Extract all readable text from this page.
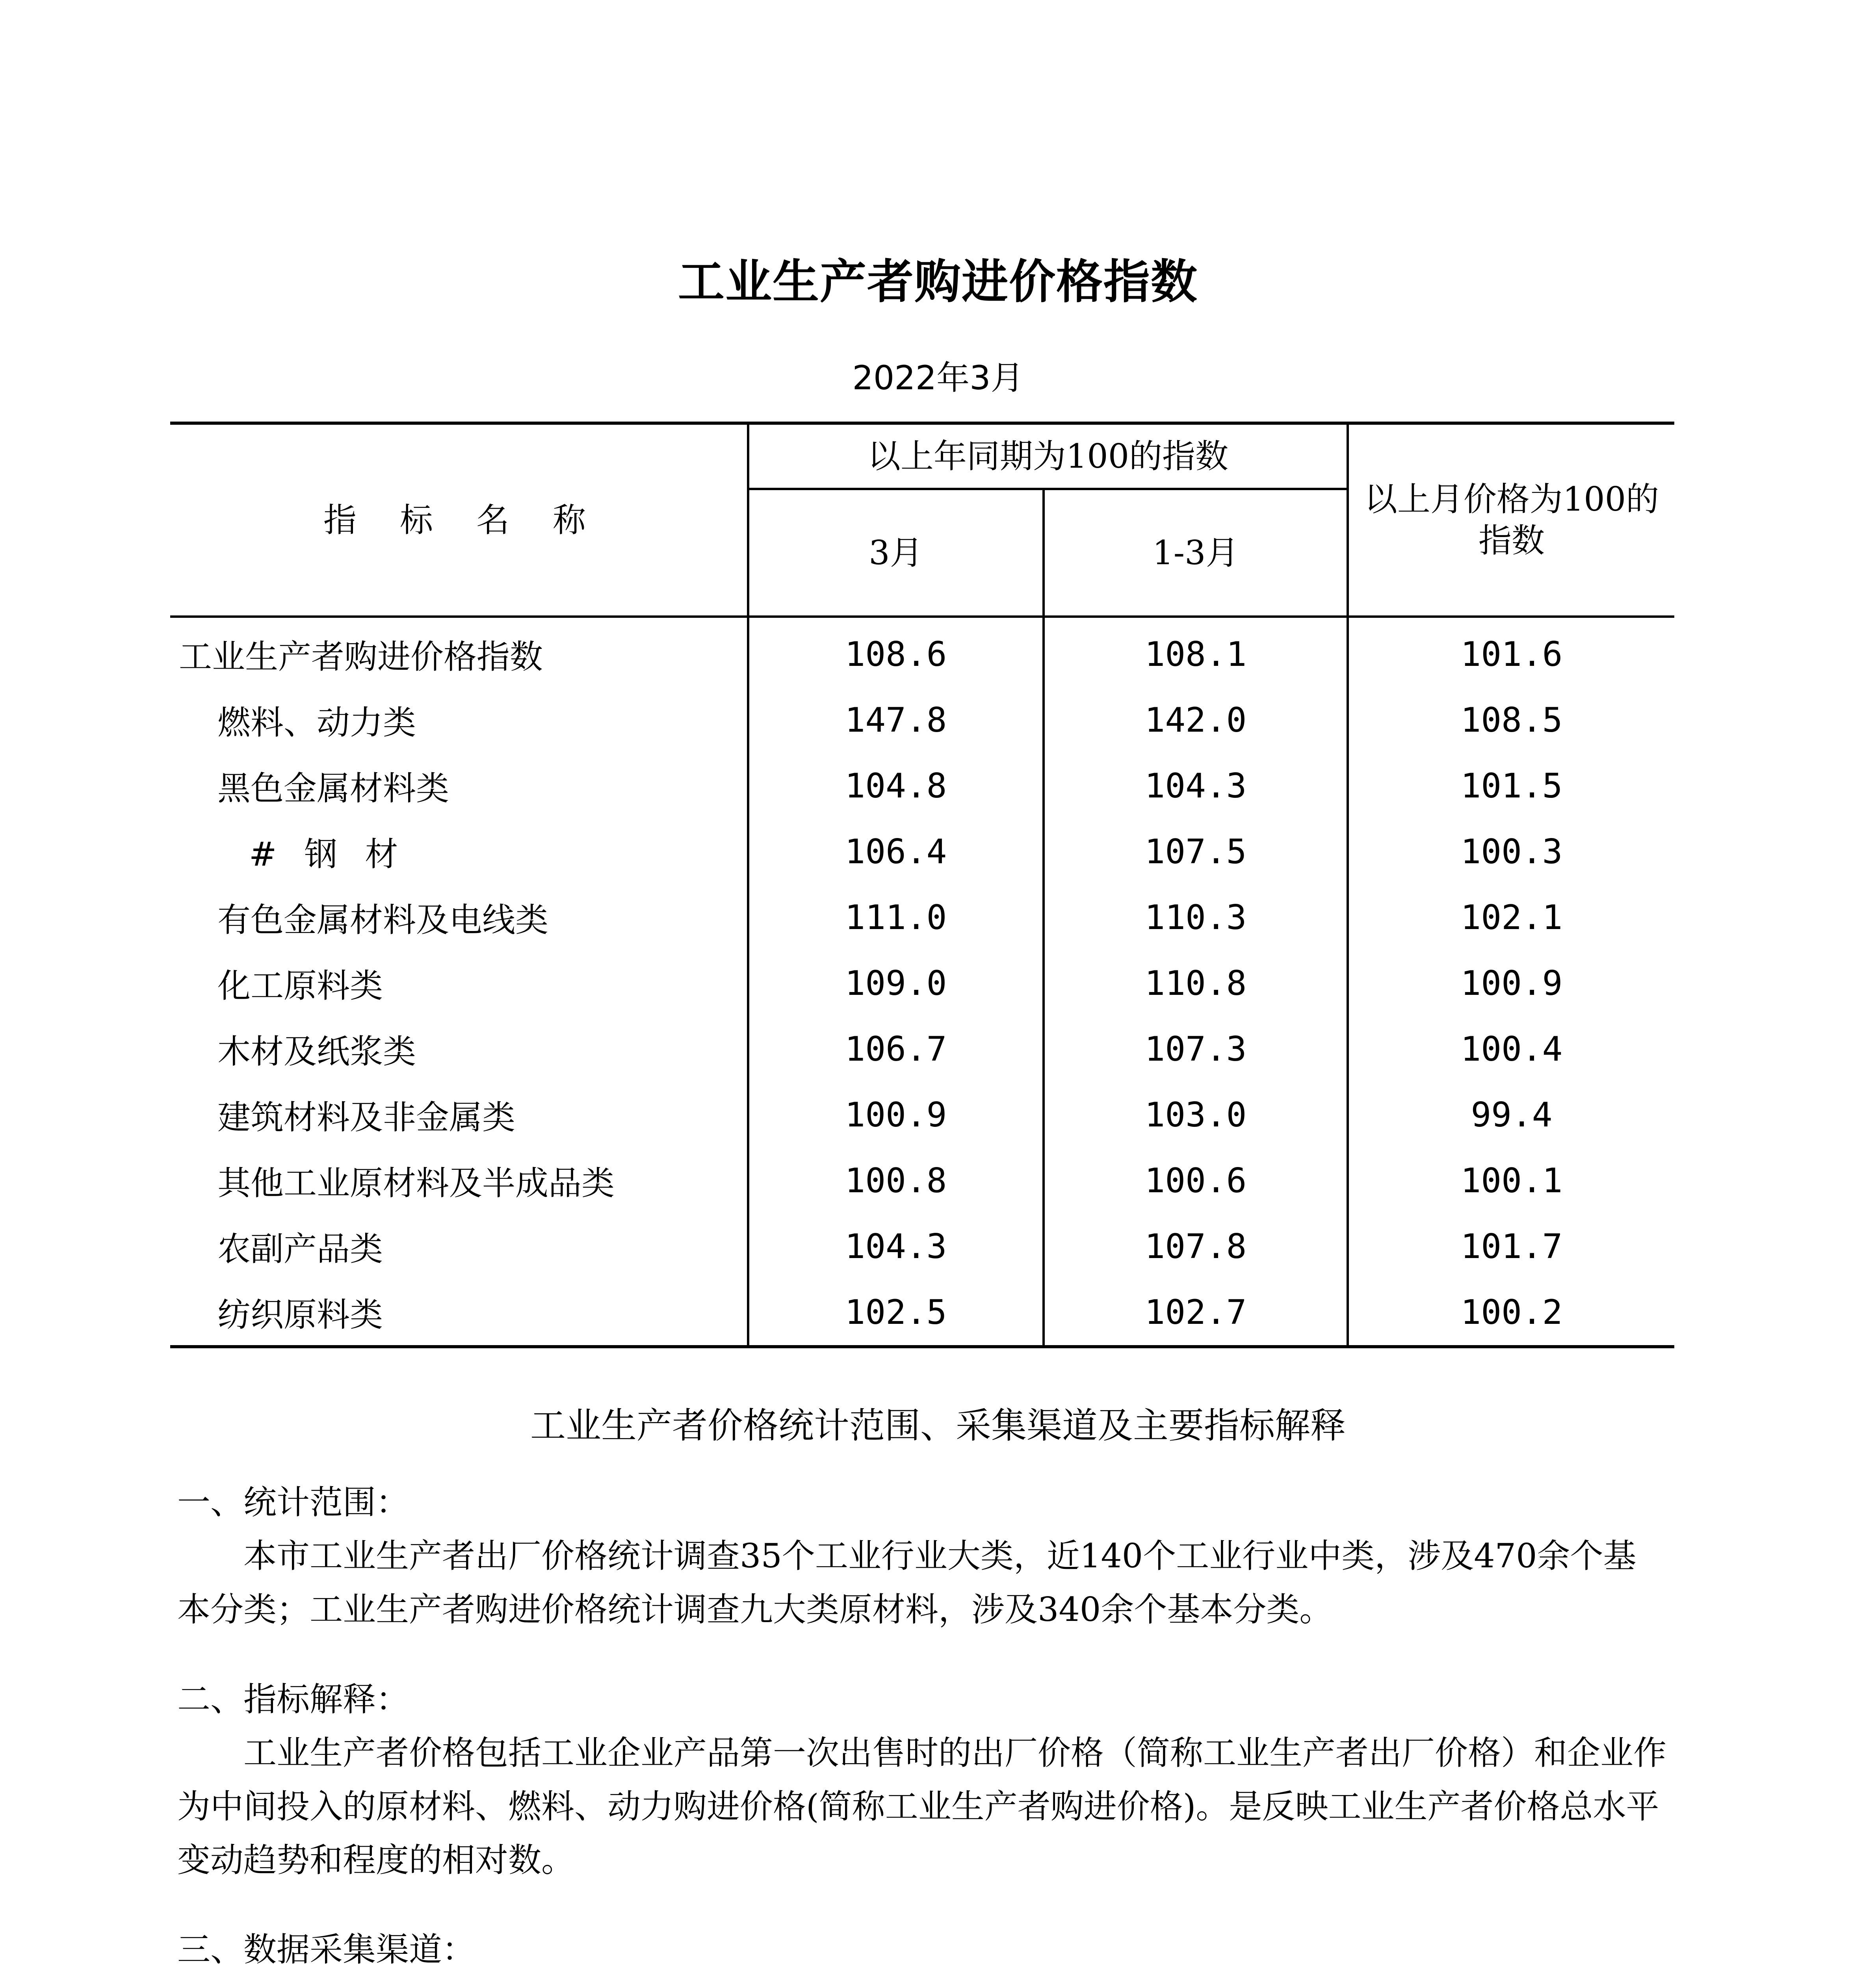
工业生产者购进价格指数
2022年3月
指标名称	以上年同期为100的指数		以上月价格为100的指数
	3月	1-3月	
工业生产者购进价格指数	108.6	108.1	101.6
燃料、动力类	147.8	142.0	108.5
黑色金属材料类	104.8	104.3	101.5
#钢材	106.4	107.5	100.3
有色金属材料及电线类	111.0	110.3	102.1
化工原料类	109.0	110.8	100.9
木材及纸浆类	106.7	107.3	100.4
建筑材料及非金属类	100.9	103.0	99.4
其他工业原材料及半成品类	100.8	100.6	100.1
农副产品类	104.3	107.8	101.7
纺织原料类	102.5	102.7	100.2
工业生产者价格统计范围、采集渠道及主要指标解释

一、统计范围：

本市工业生产者出厂价格统计调查35个工业行业大类，近140个工业行业中类，涉及470余个基本分类；工业生产者购进价格统计调查九大类原材料，涉及340余个基本分类。

二、指标解释：

工业生产者价格包括工业企业产品第一次出售时的出厂价格（简称工业生产者出厂价格）和企业作为中间投入的原材料、燃料、动力购进价格(简称工业生产者购进价格)。是反映工业生产者价格总水平变动趋势和程度的相对数。

三、数据采集渠道：
